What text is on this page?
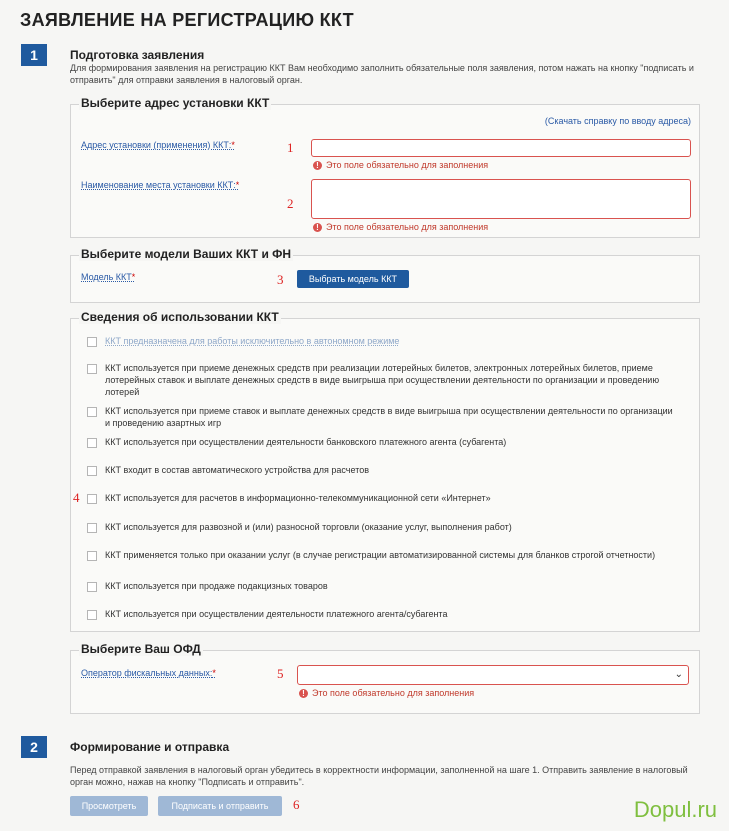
ЗАЯВЛЕНИЕ НА РЕГИСТРАЦИЮ ККТ
1	Подготовка заявления
Для формирования заявления на регистрацию ККТ Вам необходимо заполнить обязательные поля заявления, потом нажать на кнопку "подписать и отправить" для отправки заявления в налоговый орган.
Выберите адрес установки ККТ
(Скачать справку по вводу адреса)
Адрес установки (применения) ККТ:*
! Это поле обязательно для заполнения
Наименование места установки ККТ:*
! Это поле обязательно для заполнения
Выберите модели Ваших ККТ и ФН
Модель ККТ*	Выбрать модель ККТ
Сведения об использовании ККТ
ККТ предназначена для работы исключительно в автономном режиме
ККТ используется при приеме денежных средств при реализации лотерейных билетов, электронных лотерейных билетов, приеме лотерейных ставок и выплате денежных средств в виде выигрыша при осуществлении деятельности по организации и проведению лотерей
ККТ используется при приеме ставок и выплате денежных средств в виде выигрыша при осуществлении деятельности по организации и проведению азартных игр
ККТ используется при осуществлении деятельности банковского платежного агента (субагента)
ККТ входит в состав автоматического устройства для расчетов
ККТ используется для расчетов в информационно-телекоммуникационной сети «Интернет»
ККТ используется для развозной и (или) разносной торговли (оказание услуг, выполнения работ)
ККТ применяется только при оказании услуг (в случае регистрации автоматизированной системы для бланков строгой отчетности)
ККТ используется при продаже подакцизных товаров
ККТ используется при осуществлении деятельности платежного агента/субагента
Выберите Ваш ОФД
Оператор фискальных данных:*	⌄
! Это поле обязательно для заполнения
2	Формирование и отправка
Перед отправкой заявления в налоговый орган убедитесь в корректности информации, заполненной на шаге 1. Отправить заявление в налоговый орган можно, нажав на кнопку "Подписать и отправить".
Просмотреть	Подписать и отправить
1
2
3
4
5
6	Dopul.ru
